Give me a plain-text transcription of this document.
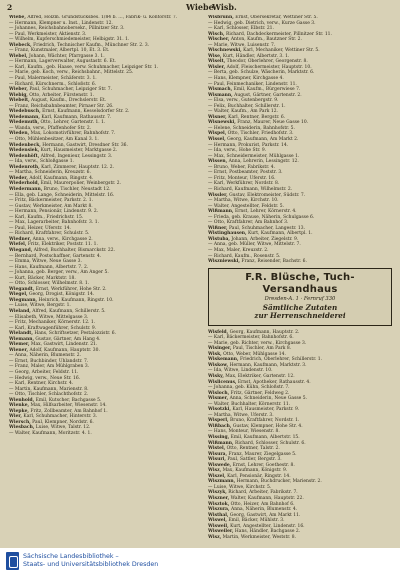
2	Wiebe
Wisb.

Wiebe, Alfred, Holzm. Grundstücksbes. 1/84 b. …, Fabrik- u. Kontorstr. 7.

— Hermann, Klempner u. Inst., Lindenstr. 12.

— Johannes, Reichsbahnobersekr., Pillnitzer Str. 3.

— Paul, Werkmeister, Aktienstr. 3.

— Wilhelm, Kupferschmiedemeister, Helbigstr. 31. 1.

Wiebeck, Friedrich, Technischer Kaufm., Münchner Str. 2. 3.

— Franz, Kunstmaler, Albertpl. 10, Et. 3. Et.

Wiebel, Johann, Wächter, Pfarrgasse 3. 1.

— Hermann, Lagerverwalter, Augustastr. 6. Et.

— Karl, Kaufm., geb. Haase, verw. Schuhmacher, Leipziger Str. 1.

— Marie, geb. Koch, verw., Reichsbahnr., Mittelstr. 25.

— Paul, Malermeister, Schäferstr. 3. 1.

— Richard, Kürschnerm., Schloßstr. 6.

Wieber, Paul, Schuhmacher, Leipziger Str. 7.

Wiebig, Otto, Arbeiter, Fürstenstr. 1.

Wiebelt, August, Kaufm., Drechslerstr. Et.

— Franz, Reichsbahnbeamter, Pirnaer Str. 26.

Wiedebusch, Ernst, Kaufmann, Kesselsdorfer Str. 2.

Wiedemann, Karl, Kaufmann, Rathausstr. 7.

Wiedemuth, Otto, Lehrer, Gartenstr. 1. 1.

— Wanda, verw., Pfaffenhofer Str. 2.

Wieden, Max, Lokomotivführer, Bahnhofstr. 7.

— Otto, Mühlenbesitzer, Am Kanal 3. 1.

Wiedenbeck, Hermann, Gastwirt, Dresdner Str. 36.

Wiedensiek, Kurt, Hausmeister, Marktgasse 2.

Wiedenhöft, Alfred, Ingenieur, Lessingstr. 3.

— Ida, verw., Schloßgasse 1.

Wiedenroth, Karl, Zimmerer, Hauptstr. 12. 2.

— Martha, Schneiderin, Kreuzstr. 6.

Wieder, Adolf, Kaufmann, Ringstr. 4.

Wiederhold, Emil, Maurerpolier, Weinbergstr. 2.

Wiedermann, Bruno, Tischler, Neustadt 12.

— Ella, geb. Lange, Schneiderin, Mittelstr. 16.

— Fritz, Bäckermeister, Parkstr. 2. 1.

— Gustav, Werkmeister, Am Markt 8.

— Hermann, Pensionär, Lindenstr. 9. 2.

— Karl, Kaufm., Friedrichstr. 15.

— Max, Lagerarbeiter, Bahnhofstr. 3. 1.

— Paul, Heizer, Uferstr. 14.

— Richard, Kraftfahrer, Schulstr. 5.

Wiedner, Anna, verw., Kirchgasse 2.

Wiefel, Fritz, Elektriker, Poststr. 11. 1.

Wiegand, Alfred, Buchhalter, Bismarckstr. 22.

— Bernhard, Postschaffner, Gartenstr. 4.

— Emma, Witwe, Neue Gasse 3.

— Hans, Kaufmann, Albertstr. 7. 2.

— Johanna, geb. Berger, verw., Am Anger 5.

— Kurt, Bäcker, Marktstr. 18.

— Otto, Schlosser, Wilhelmstr. 8. 1.

Wiegandt, Ernst, Werkführer, Hohe Str. 2.

Wiegel, Georg, Drogist, Königstr. 14.

Wiegmann, Heinrich, Kaufmann, Ringstr. 10.

— Luise, Witwe, Bergstr. 1.

Wieland, Alfred, Kaufmann, Schillerstr. 5.

— Elisabeth, Witwe, Mittelgasse 3.

— Fritz, Mechaniker, Körnerstr. 12. 1.

— Karl, Kraftwagenführer, Schulstr. 9.

Wielandt, Hans, Schriftsetzer, Pestalozzistr. 6.

Wiemann, Gustav, Gärtner, Am Hang 4.

Wiemer, Max, Gastwirt, Lindenstr. 21.

Wiener, Adolf, Kaufmann, Hauptstr. 30.

— Anna, Näherin, Blumenstr. 2.

— Ernst, Buchbinder, Uhlandstr. 7.

— Franz, Maler, Am Mühlgraben 3.

— Georg, Arbeiter, Feldstr. 11.

— Hedwig, verw., Neue Str. 16.

— Karl, Rentner, Kirchstr. 4.

— Martin, Kaufmann, Marienstr. 8.

— Otto, Tischler, Schlachthofstr. 2.

Wienhold, Emil, Kutscher, Bachgasse 5.

Wienke, Max, Hilfsarbeiter, Wiesenstr. 14.

Wiepke, Fritz, Zollbeamter, Am Bahnhof 1.

Wier, Karl, Schuhmacher, Hinterstr. 3.

Wiersch, Paul, Klempner, Nordstr. 6.

Wiesbach, Luise, Witwe, Talstr. 12.

— Walter, Kaufmann, Moritzstr. 4. 1.

Wisbrunn, Ernst, Obersekretär, Wettiner Str. 5.

— Hedwig, geb. Dietrich, verw., Kurze Gasse 3.

— Karl, Schlosser, Elbstr. 21.

Wisch, Richard, Dachdeckermeister, Pillnitzer Str. 11.

Wischer, Anton, Kaufm., Bautzner Str. 2.

— Marie, Witwe, Luisenstr. 7.

Wischnewski, Karl, Mechaniker, Wettiner Str. 5.

Wise, Kurt, Händler, Albertstr. 3. 1.

Wiselt, Theodor, Oberlehrer, Georgenstr. 8.

Wisler, Adolf, Fleischermeister, Hauptstr. 10.

— Berta, geb. Schulze, Wäscherin, Marktstr. 6.

— Hans, Klempner, Kirchgasse 4.

— Paul, Feinmechaniker, Lindenstr. 11.

Wismach, Emil, Kaufm., Bürgerwiese 7.

Wismann, August, Gärtner, Gartenstr. 2.

— Elsa, verw., Gutenbergstr. 9.

— Felix, Buchhalter, Schillerstr. 1.

— Walter, Kaufm., Am Park 12.

Wisner, Karl, Rentner, Bergstr. 6.

Wisnewski, Franz, Maurer, Neue Gasse 10.

— Helene, Schneiderin, Bahnhofstr. 5.

Wispel, Otto, Tischler, Friedhofstr. 3.

Wissel, Georg, Kaufmann, Am Markt 2.

— Hermann, Prokurist, Parkstr. 14.

— Ida, verw., Hohe Str. 9.

— Max, Schneidermeister, Mühlgasse 1.

Wissen, Anna, Lehrerin, Lessingstr. 12.

— Bruno, Weber, Fabrikstr. 4.

— Ernst, Postbeamter, Poststr. 3.

— Fritz, Monteur, Uferstr. 16.

— Karl, Werkführer, Nordstr. 8.

— Richard, Kaufmann, Wilhelmstr. 2.

Wissler, Gustav, Elektromeister, Südstr. 7.

— Martha, Witwe, Kirchstr. 10.

— Walter, Angestellter, Feldstr. 5.

Wißmann, Ernst, Lehrer, Körnerstr. 4.

— Frieda, geb. Krause, Näherin, Schulgasse 6.

— Otto, Kraftfahrer, Am Bahnhof 3.

Wißner, Paul, Schuhmacher, Langestr. 13.

Wistinghausen, Kurt, Kaufmann, Albertpl. 1.

Wistuba, Johann, Arbeiter, Ziegelstr. 9.

— Anna, geb. Müller, Witwe, Mittelstr. 7.

— Max, Maler, Kreuzstr. 2.

— Richard, Kaufm., Rosenstr. 5.

Wiszniewski, Franz, Reisender, Bachstr. 6.

F.R. Blüsche, Tuch-Versandhaus
Dresden-A. 1 · Fernruf 330
Sämtliche Zutaten
zur Herrenschneiderei

Wisfeld, Georg, Kaufmann, Hauptstr. 2.

— Karl, Bäckermeister, Bahnhofstr. 6.

— Marie, geb. Richter, verw., Kirchgasse 3.

Wisinger, Paul, Tischler, Am Park 8.

Wisk, Otto, Weber, Mühlgasse 14.

Wiskemann, Friedrich, Oberlehrer, Schillerstr. 1.

Wiskow, Hermann, Kaufmann, Marktstr. 3.

— Ida, Witwe, Lindenstr. 10.

Wisky, Max, Elektriker, Gartenstr. 12.

Wislicenus, Ernst, Apotheker, Rathausstr. 4.

— Johanna, geb. Kühn, Schloßstr. 7.

Wisloch, Fritz, Gärtner, Feldweg 2.

Wismer, Anna, Schneiderin, Neue Gasse 5.

— Walter, Buchhalter, Körnerstr. 11.

Wisotzki, Karl, Hausmeister, Parkstr. 9.

— Martha, Witwe, Uferstr. 3.

Wisperl, Bruno, Kraftfahrer, Nordstr. 1.

Wißbach, Gustav, Klempner, Hohe Str. 4.

— Hans, Monteur, Wiesenstr. 8.

Wissing, Emil, Kaufmann, Albertstr. 15.

Wißmann, Richard, Schlosser, Schulstr. 6.

Wistel, Otto, Rentner, Talstr. 2.

Wisura, Franz, Maurer, Ziegelgasse 5.

Wisuri, Paul, Sattler, Bergstr. 3.

Wiswede, Ernst, Lehrer, Goethestr. 8.

Wisz, Max, Kaufmann, Königstr. 9.

Wiszel, Karl, Pensionär, Ringstr. 14.

Wiszmann, Hermann, Buchdrucker, Marienstr. 2.

— Luise, Witwe, Kirchstr. 5.

Wiszyk, Richard, Arbeiter, Fabrikstr. 7.

Wiszner, Walter, Kaufmann, Hauptstr. 22.

Wisztok, Otto, Heizer, Am Bahnhof 6.

Wiszura, Anna, Näherin, Blumenstr. 4.

Wisthal, Georg, Gastwirt, Am Markt 11.

Wiswel, Emil, Bäcker, Mühlstr. 3.

Wisweil, Kurt, Angestellter, Lindenstr. 16.

Wisweiler, Hans, Händler, Bachgasse 2.

Wisz, Martin, Werkmeister, Weststr. 8.

Sächsische Landesbibliothek –
Staats- und Universitätsbibliothek Dresden
